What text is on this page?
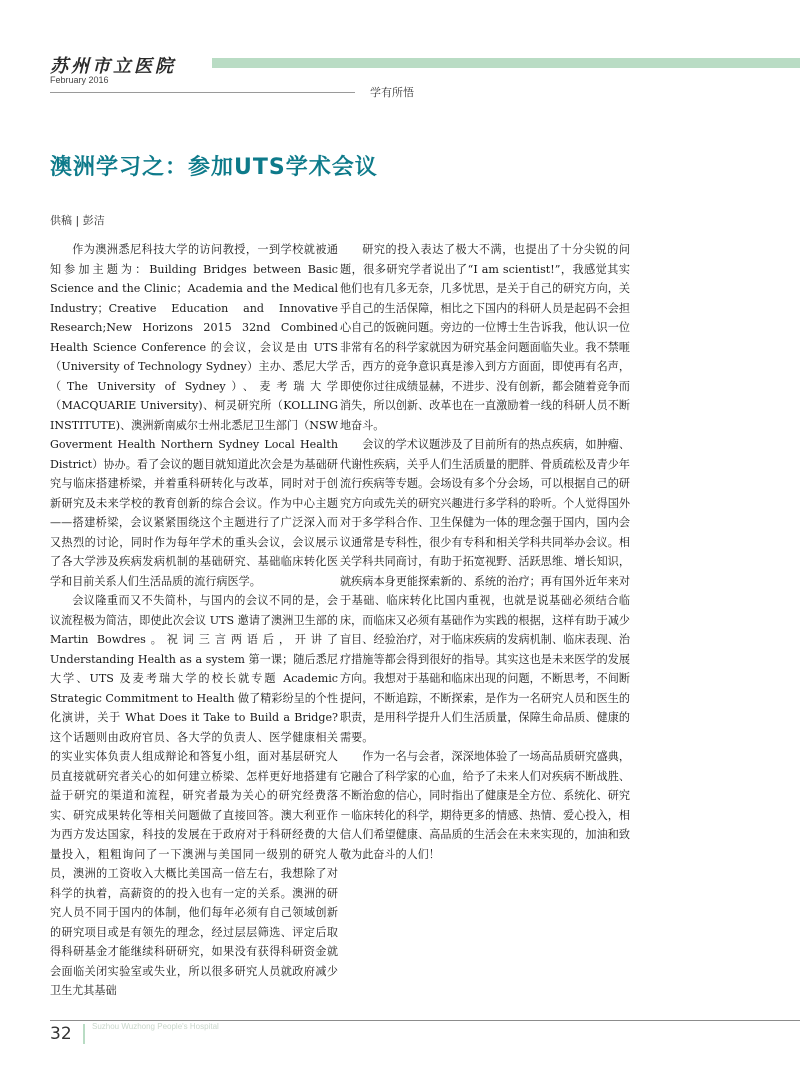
苏州市立医院
February 2016
学有所悟
澳洲学习之：参加UTS学术会议
供稿 | 彭洁

作为澳洲悉尼科技大学的访问教授，一到学校就被通知参加主题为：Building Bridges between Basic Science and the Clinic；Academia and the Medical Industry；Creative Education and Innovative Research;New Horizons 2015 32nd Combined Health Science Conference 的会议，会议是由 UTS（University of Technology Sydney）主办、悉尼大学（The University of Sydney）、麦考瑞大学（MACQUARIE University)、柯灵研究所（KOLLING INSTITUTE)、澳洲新南威尔士州北悉尼卫生部门（NSW Goverment Health Northern Sydney Local Health District）协办。看了会议的题目就知道此次会是为基础研究与临床搭建桥梁，并着重科研转化与改革，同时对于创新研究及未来学校的教育创新的综合会议。作为中心主题——搭建桥梁，会议紧紧围绕这个主题进行了广泛深入而又热烈的讨论，同时作为每年学术的重头会议，会议展示了各大学涉及疾病发病机制的基础研究、基础临床转化医学和目前关系人们生活品质的流行病医学。

会议隆重而又不失简朴，与国内的会议不同的是，会议流程极为简洁，即使此次会议 UTS 邀请了澳洲卫生部的 Martin Bowdres。祝词三言两语后，开讲了 Understanding Health as a system 第一课；随后悉尼大学、UTS 及麦考瑞大学的校长就专题 Academic Strategic Commitment to Health 做了精彩纷呈的个性化演讲，关于 What Does it Take to Build a Bridge? 这个话题则由政府官员、各大学的负责人、医学健康相关的实业实体负责人组成辩论和答复小组，面对基层研究人员直接就研究者关心的如何建立桥梁、怎样更好地搭建有益于研究的渠道和流程，研究者最为关心的研究经费落实、研究成果转化等相关问题做了直接回答。澳大利亚作为西方发达国家，科技的发展在于政府对于科研经费的大量投入，粗粗询问了一下澳洲与美国同一级别的研究人员，澳洲的工资收入大概比美国高一倍左右，我想除了对科学的执着，高薪资的的投入也有一定的关系。澳洲的研究人员不同于国内的体制，他们每年必须有自己领域创新的研究项目或是有领先的理念，经过层层筛选、评定后取得科研基金才能继续科研研究，如果没有获得科研资金就会面临关闭实验室或失业，所以很多研究人员就政府减少卫生尤其基础

研究的投入表达了极大不满，也提出了十分尖锐的问题，很多研究学者说出了“I am scientist!”，我感觉其实他们也有几多无奈，几多忧思，是关于自己的研究方向，关乎自己的生活保障，相比之下国内的科研人员是起码不会担心自己的饭碗问题。旁边的一位博士生告诉我，他认识一位非常有名的科学家就因为研究基金问题面临失业。我不禁咂舌，西方的竞争意识真是渗入到方方面面，即使再有名声，即使你过往成绩显赫，不进步、没有创新，都会随着竞争而消失，所以创新、改革也在一直激励着一线的科研人员不断地奋斗。

会议的学术议题涉及了目前所有的热点疾病，如肿瘤、代谢性疾病，关乎人们生活质量的肥胖、骨质疏松及青少年流行疾病等专题。会场设有多个分会场，可以根据自己的研究方向或先关的研究兴趣进行多学科的聆听。个人觉得国外对于多学科合作、卫生保健为一体的理念强于国内，国内会议通常是专科性，很少有专科和相关学科共同举办会议。相关学科共同商讨，有助于拓宽视野、活跃思维、增长知识，就疾病本身更能探索新的、系统的治疗；再有国外近年来对于基础、临床转化比国内重视，也就是说基础必须结合临床，而临床又必须有基础作为实践的根据，这样有助于减少盲目、经验治疗，对于临床疾病的发病机制、临床表现、治疗措施等都会得到很好的指导。其实这也是未来医学的发展方向。我想对于基础和临床出现的问题，不断思考，不间断提问，不断追踪，不断探索，是作为一名研究人员和医生的职责，是用科学提升人们生活质量，保障生命品质、健康的需要。

作为一名与会者，深深地体验了一场高品质研究盛典，它融合了科学家的心血，给予了未来人们对疾病不断战胜、不断治愈的信心，同时指出了健康是全方位、系统化、研究－临床转化的科学，期待更多的情感、热情、爱心投入，相信人们希望健康、高品质的生活会在未来实现的，加油和致敬为此奋斗的人们！

32	Suzhou Wuzhong People's Hospital
